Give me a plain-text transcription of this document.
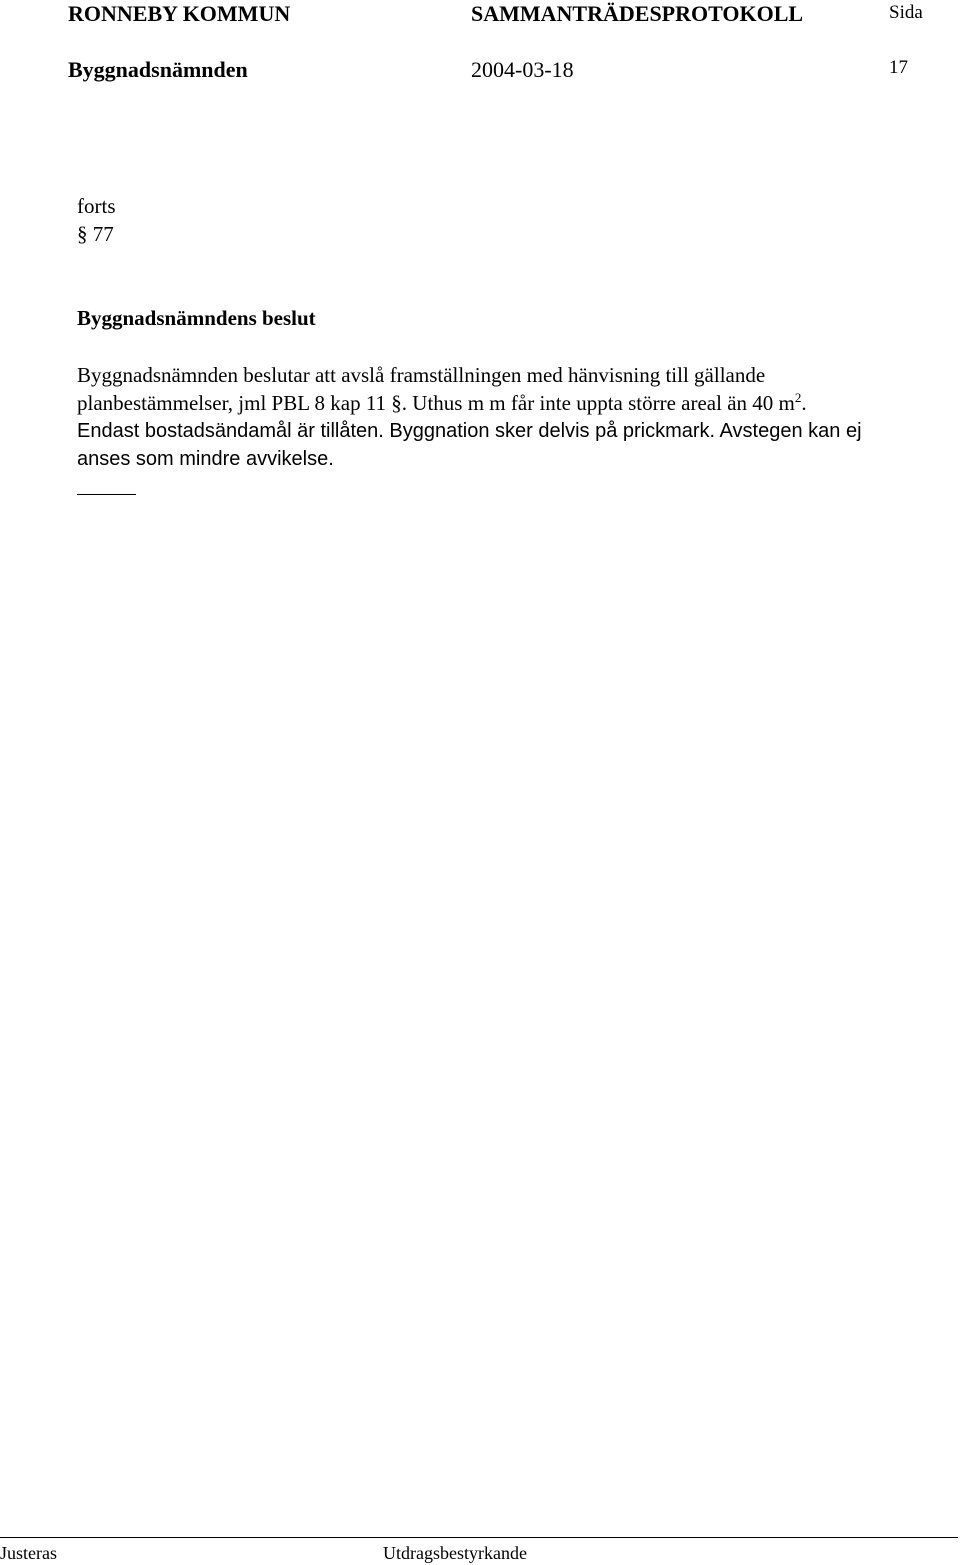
RONNEBY KOMMUN	SAMMANTRÄDESPROTOKOLL	Sida
Byggnadsnämnden	2004-03-18	17
forts
§ 77
Byggnadsnämndens beslut
Byggnadsnämnden beslutar att avslå framställningen med hänvisning till gällande
planbestämmelser, jml PBL 8 kap 11 §. Uthus m m får inte uppta större areal än 40 $m^2$.
Endast bostadsändamål är tillåten. Byggnation sker delvis på prickmark. Avstegen kan ej
anses som mindre avvikelse.
Justeras	Utdragsbestyrkande
